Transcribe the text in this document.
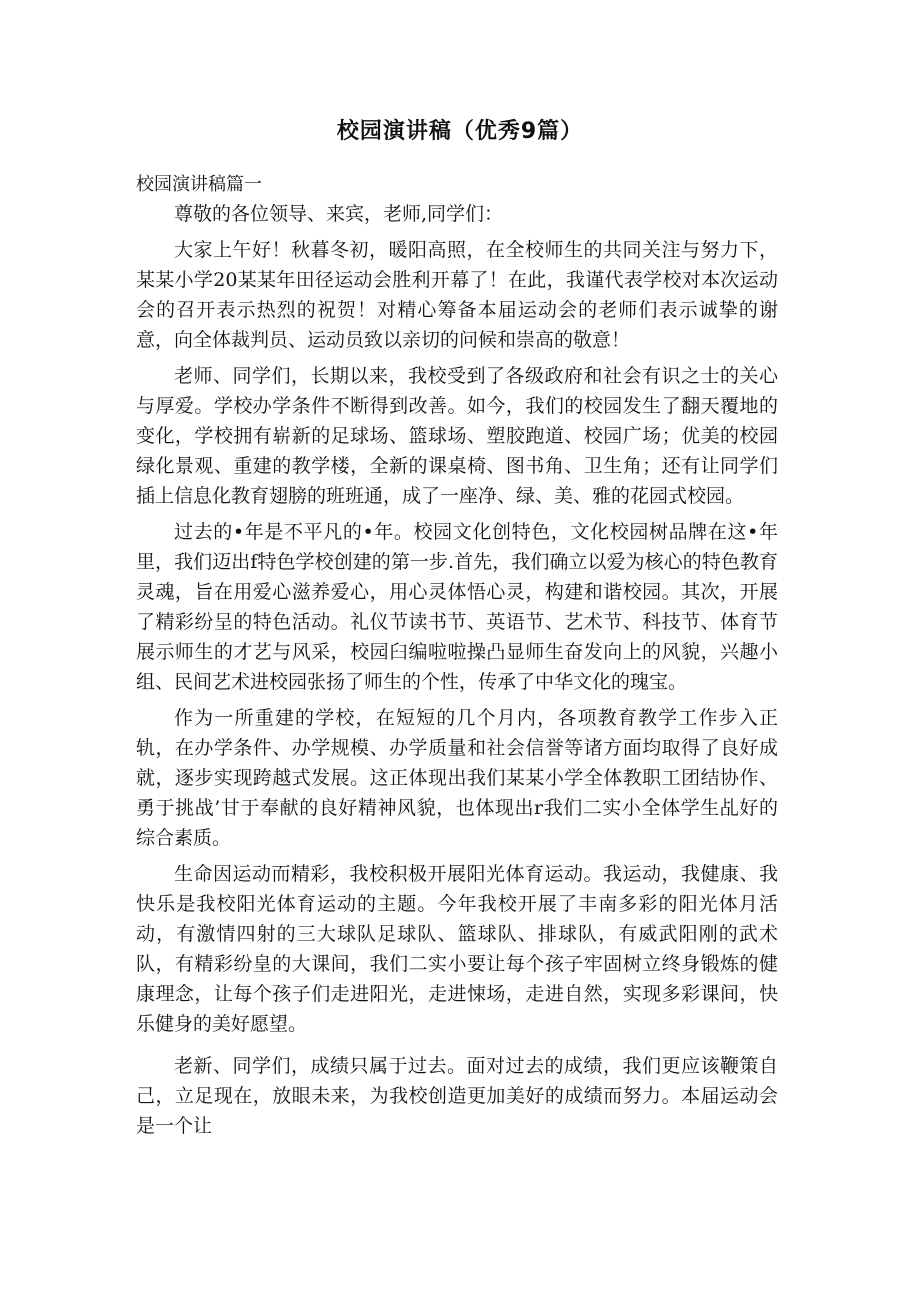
校园演讲稿（优秀9篇）
校园演讲稿篇一

尊敬的各位领导、来宾，老师,同学们：

大家上午好！秋暮冬初，暖阳高照，在全校师生的共同关注与努力下，某某小学20某某年田径运动会胜利开幕了！在此，我谨代表学校对本次运动会的召开表示热烈的祝贺！对精心筹备本届运动会的老师们表示诚挚的谢意，向全体裁判员、运动员致以亲切的问候和崇高的敬意！

老师、同学们，长期以来，我校受到了各级政府和社会有识之士的关心与厚爱。学校办学条件不断得到改善。如今，我们的校园发生了翻天覆地的变化，学校拥有崭新的足球场、篮球场、塑胶跑道、校园广场；优美的校园绿化景观、重建的教学楼，全新的课桌椅、图书角、卫生角；还有让同学们插上信息化教育翅膀的班班通，成了一座净、绿、美、雅的花园式校园。

过去的•年是不平凡的•年。校园文化创特色，文化校园树品牌在这•年里，我们迈出f特色学校创建的第一步.首先，我们确立以爱为核心的特色教育灵魂，旨在用爱心滋养爱心，用心灵体悟心灵，构建和谐校园。其次，开展了精彩纷呈的特色活动。礼仪节读书节、英语节、艺术节、科技节、体育节展示师生的才艺与风采，校园臼编啦啦操凸显师生奋发向上的风貌，兴趣小组、民间艺术进校园张扬了师生的个性，传承了中华文化的瑰宝。

作为一所重建的学校，在短短的几个月内，各项教育教学工作步入正轨，在办学条件、办学规模、办学质量和社会信誉等诸方面均取得了良好成就，逐步实现跨越式发展。这正体现出我们某某小学全体教职工团结协作、勇于挑战’甘于奉献的良好精神风貌，也体现出r我们二实小全体学生乩好的综合素质。

生命因运动而精彩，我校积极开展阳光体育运动。我运动，我健康、我快乐是我校阳光体育运动的主题。今年我校开展了丰南多彩的阳光体月活动，有激情四射的三大球队足球队、篮球队、排球队，有威武阳刚的武术队，有精彩纷皇的大课间，我们二实小要让每个孩子牢固树立终身锻炼的健康理念，让每个孩子们走进阳光，走进悚场，走进自然，实现多彩课间，快乐健身的美好愿望。

老新、同学们，成绩只属于过去。面对过去的成绩，我们更应该鞭策自己，立足现在，放眼未来，为我校创造更加美好的成绩而努力。本届运动会是一个让
